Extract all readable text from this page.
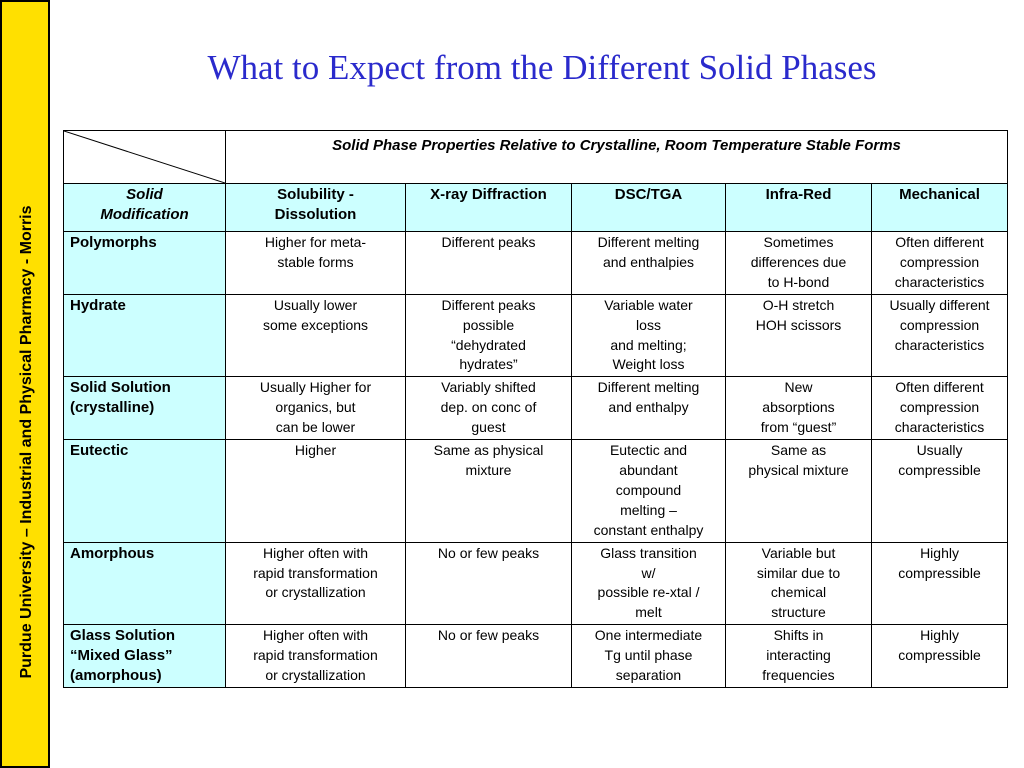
Purdue University – Industrial and Physical Pharmacy - Morris
What to Expect from the Different Solid Phases
	Solid Phase Properties Relative to Crystalline, Room Temperature Stable Forms				
Solid
Modification	Solubility -
Dissolution	X-ray Diffraction	DSC/TGA	Infra-Red	Mechanical
Polymorphs	Higher for meta-
stable forms	Different peaks	Different melting
and enthalpies	Sometimes
differences due
to H-bond	Often different
compression
characteristics
Hydrate	Usually lower
some exceptions	Different peaks
possible
“dehydrated
hydrates”	Variable water
loss
and melting;
Weight loss	O-H stretch
HOH scissors	Usually different
compression
characteristics
Solid Solution
(crystalline)	Usually Higher for
organics, but
can be lower	Variably shifted
dep. on conc of
guest	Different melting
and enthalpy	New
absorptions
from “guest”	Often different
compression
characteristics
Eutectic	Higher	Same as physical
mixture	Eutectic and
abundant
compound
melting –
constant enthalpy	Same as
physical mixture	Usually
compressible
Amorphous	Higher often with
rapid transformation
or crystallization	No or few peaks	Glass transition
w/
possible re-xtal /
melt	Variable but
similar due to
chemical
structure	Highly
compressible
Glass Solution
“Mixed Glass”
(amorphous)	Higher often with
rapid transformation
or crystallization	No or few peaks	One intermediate
Tg until phase
separation	Shifts in
interacting
frequencies	Highly
compressible
